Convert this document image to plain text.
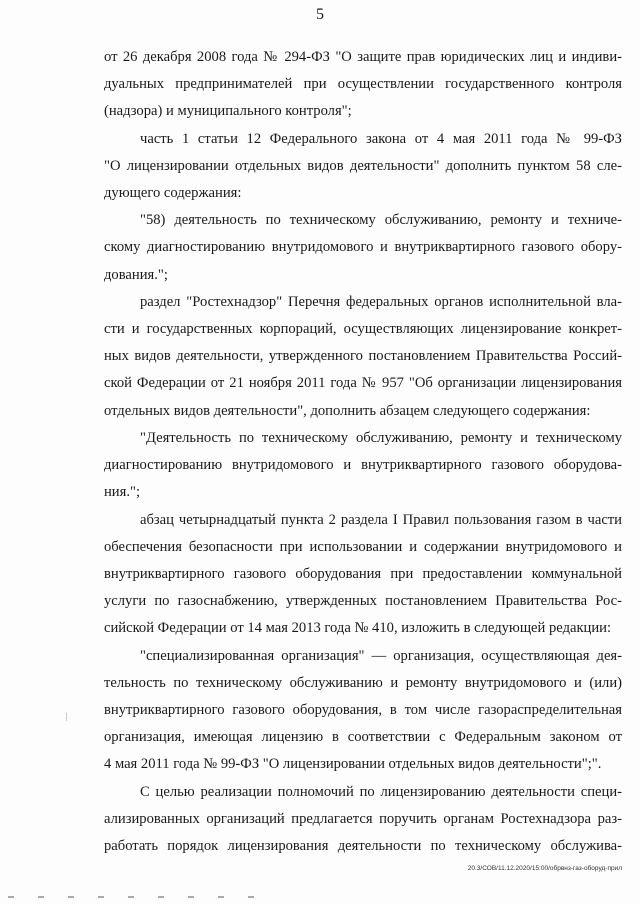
5
от 26 декабря 2008 года № 294-ФЗ "О защите прав юридических лиц и индиви-
дуальных предпринимателей при осуществлении государственного контроля
(надзора) и муниципального контроля";
часть 1 статьи 12 Федерального закона от 4 мая 2011 года № 99-ФЗ
"О лицензировании отдельных видов деятельности" дополнить пунктом 58 сле-
дующего содержания:
"58) деятельность по техническому обслуживанию, ремонту и техниче-
скому диагностированию внутридомового и внутриквартирного газового обору-
дования.";
раздел "Ростехнадзор" Перечня федеральных органов исполнительной вла-
сти и государственных корпораций, осуществляющих лицензирование конкрет-
ных видов деятельности, утвержденного постановлением Правительства Россий-
ской Федерации от 21 ноября 2011 года № 957 "Об организации лицензирования
отдельных видов деятельности", дополнить абзацем следующего содержания:
"Деятельность по техническому обслуживанию, ремонту и техническому
диагностированию внутридомового и внутриквартирного газового оборудова-
ния.";
абзац четырнадцатый пункта 2 раздела I Правил пользования газом в части
обеспечения безопасности при использовании и содержании внутридомового и
внутриквартирного газового оборудования при предоставлении коммунальной
услуги по газоснабжению, утвержденных постановлением Правительства Рос-
сийской Федерации от 14 мая 2013 года № 410, изложить в следующей редакции:
"специализированная организация" — организация, осуществляющая дея-
тельность по техническому обслуживанию и ремонту внутридомового и (или)
внутриквартирного газового оборудования, в том числе газораспределительная
организация, имеющая лицензию в соответствии с Федеральным законом от
4 мая 2011 года № 99-ФЗ "О лицензировании отдельных видов деятельности";".
С целью реализации полномочий по лицензированию деятельности специ-
ализированных организаций предлагается поручить органам Ростехнадзора раз-
работать порядок лицензирования деятельности по техническому обслужива-
20.3/СОВ/11.12.2020/15:00/обрвнз-газ-оборуд-прил
